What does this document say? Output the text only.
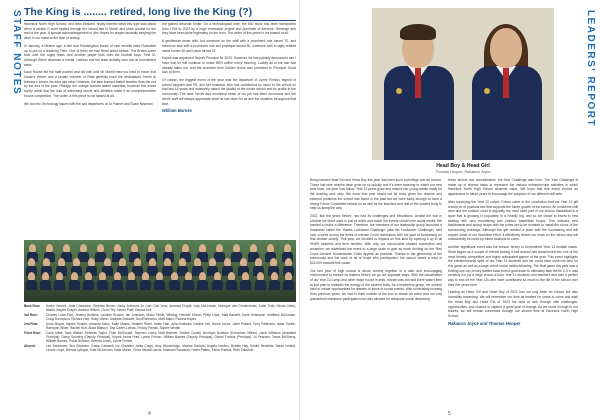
STAFF NOTES The King is ........ retired, long live the King (?)

Havelock North High School, and New Zealand, finally learned what this type was about when a certain G word rippled through the school late in March and stuck around for the rest of the year. A special acknowledgement to Mrs Hayes for single-handedly keeping the virus in our midst at the time of writing.

In January, a lifetime ago, a fine and Prestidigious bunch of new recruits were Russelled up to put on a teaching Tribe. One of them we had Read about before: The Brown-noser took over the rugby team, and another player took over the football boys. First XI. Although Steve deserves a medal, Lachlan and his team actually won one at tournament week.

Kauri House led the staff powhiri and did well until Mr Martitt tried too hard to extort that house's virtues and a certain member of Rata gleefully used the whakatauki. Home te kumara e korero mo tona ake reka. However, the blue kumara tasted sweeter than the red by the end of the year. Fittingly, the orange kumara tasted sweetest, however this would surely admit that the loss of swimming sports and athletics made it an unrepresentative House competition. The writer of this piece is not biased at all.

We ran into Technology issues with the sad departures of Jo Palmer and Suzie Newman

but gained Amanda Smith. On a technological note, the 500 block has been transported from 1915 to 2022 by a huge renovation project and purchase of furniture. Revenge and they have been quite legendary on the front. The writer of this piece is not biased at all.

A gentleman never tells, but someone on the staff with a prominent role turned 70, and someone else with a prominent role and physique turned 50, someone with a rugby related name turned 40 and Laura turned 21.

Kopek was appointed Deputy Principal for 2023. However, he has publicly announced can I have that he will continue to make BEN coffee every morning. Luckily all of his hair has already fallen out. And the drummer from Golden Horse was promoted to Principal. Good luck to them.

Of course, the biggest event of the year was the departure of Lynne Fenton, legend of school canyons and PE, and her husband, who has contributed so much to the school so that last 18 years and massively raised the quality of the whole school and its profile in the community. The land, bricks and emotional strain of his job has been enormous and the whole staff will always appreciate what he has done for us and the students throughout that time.

William Barnes
Back Row:	Andre Vennell, Jade Champion, Stephen Brown, Nicky Johnson, Jo Carr, Gail Voss, Amanda Knight, Katy McLennan, Monique Van Grootenhuist, Jodie Todd, Nicola Littley-Walsh, Baylee Draper, Andrew Wilson, Cicon Tey, Simon Pratt, Danica Kell
3rd Row:	Charles Lowe-Eliot, Jeremy Bodkins, Lachlan Russell, Ian Johnston, Mahu Tibble, Whiting, Hendrie Kinnar, Philip Lowe, Matt Bassett, Kane Holsmann, Matthew McGowan, Craig Thompson, Richard Hart, Ricky Glenn, Andreas Dowsett, Geoff Weinrich, Matt Baker, Paulina Hayes
2nd Row:	Anna Moyes, Ngaire Hooper, Amanda Mayo, Katie Moses, Heather Reed, Helen Hall, Julia Hoekstra, Debbie Tait, Nicole Jones, Jaimi Pollard, Terry Patterson, Isaac Tukker, Raewynn White, Rachel Hutt, Alicia Watson, Tina Carter-Lomas, Felicity Fiebak, Sophie Wintler
Front Row:	Carla Millar, Sam Walker, Deborah Taylor, Fluer McDonald, Stephen Lowry, Matt Brabner, Robbie Cowell, Bronwyn Bonfiore (Executive Officer), Jarrin Williams (Assistant Principal), Darcy Sporting (Deputy Principal), Kopek Aroha Hunt, Lynne Fenton, William Barnes (Deputy Principal), Daniel Francis (Principal), Jo Pearson, Tessa McSherry, William Barnes, Paula Brittown, Brenda Jones, Lynne Fenton
Absent:	Lee Bartolome, Sue Brisbane, Grace Caldwell, Liz Chandler, Anita Crego, Amy Woodbridge, Maxine Garlock, Angela Harden, Debbie Hay, Deidre Hendriks, Sarah Ireland, Leonie Lloyd, Brenda Lythgoe, Kate McLennan, Katie Morse, Chloe Newell-Jarvis, Amanda Rousseau, Helen Patten, Fallon Ramos, Ruth Zaborski
4
LEADERS' REPORT
Head Boy & Head Girl
Thomas Hooper, Rakaiora Joyce

Being named Head Girl and Head Boy this year has been such a privilege and an honour. These last nine months have gone by so quickly and it's been amazing to watch our new year level, our year how follow. Year 13 peers grow and mature into young adults ready for the exciting next step. We knew this year would not be easy given the resume and external problems the school has faced in the past but we were lucky enough to have a strong Forum Committee behind us as well as the teachers and rest of the student body to help us along the way.

2022, like the years before, has had its challenges and tribulations. Amidst the war in Ukraine we didn't want to just sit aside and watch the events unfold over social media. We wanted to make a difference. Therefore, the members of our leadership group launched a fundraiser called the 'Hawks Lockdown Challenge' (aka the 'Lockdown Challenge') held over a week during the times of intense Covid restrictions with the goal of fundraising for that chosen charity. This year, we decided to expand on this idea by opening it up to all HNHS students and their families. With only our school-wide student conception and reception, we advertised the event to a large scale to gain as much funding for the 'Red Cross Ukraine Humanitarian Crisis Appeal' as possible. Thanks to the generosity of the community and the work of all of those who participated, the school raised a total of $22,000 towards this cause.

Our last year of high school is about coming together in a safe and encouraging environment to mature as leaders before we go our separate ways. With the cancellation of our Year 13 Camp and other major house events, morale was low and there wasn't time to just plan to maintain the energy of the student body. As a leadership group, we worked hard to create opportunities for leaders to thrive in house events. With uncertainty looming from previous years, we had to think outside of the box to create an event that not only guaranteed maximum participation but also allowed for adequate social distancing.

these factors into consideration, the Kiwi Challenge was born. The Kiwi Challenge is made up of diverse tasks to represent the various extracurricular activities in which Havelock North High School students value. We hope that this event evokes an appearance in future years to encourage the adoption of our different skill sets.

After surveying the Year 13 cohort, Forum came to the conclusion that our Year 13 gift should be of practical use that supports the future growth of the school. An lunchtime chill area and the outdoor court is arguably the most used part of our school. Basketball is a sport that is growing in popularity in a heavily big, and so we chose to invest in new seating with new resurfacing and outdoor basketball hoops. This includes new backboards and spring hoops with the poles set to be donated to install the donor of the surrounding buildings. Although the gift needed a push with the fundraising and will require some of our lunchtime effort, it effectively leaves our mark on the school and will undoubtedly be loved by future students to come.

Another significant event was the annual Jersey in Greenstreet Year 13 football match. What began as a couple of friends kicking a ball around has transformed into one of the most fiercely competitive and highly anticipated games of the year. This event highlights the entrepreneurial spirit of our Year 13 students and we could have survivors who for this game as well as a large online social media following. The final game this year saw a thrilling one-up (Jersey battled back from a goal down to ultimately take the tie 2-0. It was certainly not joy a large crowd of both Year 13 students and teachers and was a perfect way to end off the Year 13s who have contributed so much to the life of the school over their five years here.

Leading as Head Girl and Head Boy of 2022 has not only been an honour but also incredibly rewarding. We will remember our time as leaders for years to come and wish the Head Boy and Head Girl of 2023 the best of luck through with challenges, opportunities, and choices to capture a great year of change. As we move through to our futures, we will remain connected through our shared time at Havelock North High School.

Rakaiora Joyce and Thomas Hooper
5
